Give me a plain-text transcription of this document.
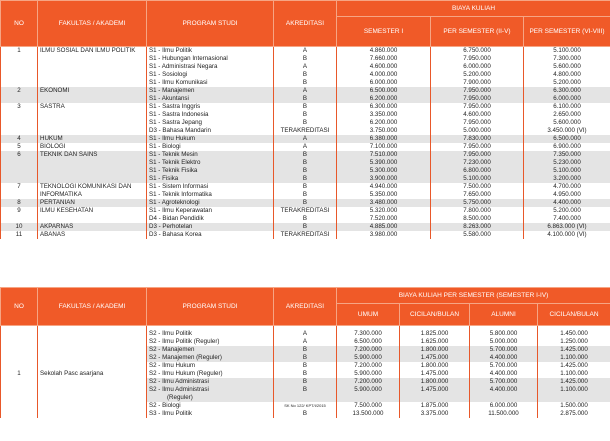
NO	FAKULTAS / AKADEMI	PROGRAM STUDI	AKREDITASI	BIAYA KULIAH		
				SEMESTER I	PER SEMESTER (II-V)	PER SEMESTER (VI-VIII)
1	ILMU SOSIAL DAN ILMU POLITIK	S1 - Ilmu Politik	A	4.860.000	6.750.000	5.100.000
		S1 - Hubungan Internasional	B	7.660.000	7.950.000	7.300.000
		S1 - Administrasi Negara	A	4.600.000	6.000.000	5.600.000
		S1 - Sosiologi	B	4.000.000	5.200.000	4.800.000
		S1 - Ilmu Komunikasi	B	6.000.000	7.900.000	5.200.000
2	EKONOMI	S1 - Manajemen	A	6.500.000	7.950.000	6.300.000
		S1 - Akuntansi	B	6.200.000	7.950.000	6.000.000
3	SASTRA	S1 - Sastra Inggris	B	6.300.000	7.950.000	6.100.000
		S1 - Sastra Indonesia	B	3.350.000	4.600.000	2.650.000
		S1 - Sastra Jepang	B	6.200.000	7.950.000	5.600.000
		D3 - Bahasa Mandarin	TERAKREDITASI	3.750.000	5.000.000	3.450.000 (VI)
4	HUKUM	S1 - Ilmu Hukum	A	6.380.000	7.830.000	6.500.000
5	BIOLOGI	S1 - Biologi	A	7.100.000	7.950.000	6.900.000
6	TEKNIK DAN SAINS	S1 - Teknik Mesin	B	7.510.000	7.950.000	7.350.000
		S1 - Teknik Elektro	B	5.390.000	7.230.000	5.230.000
		S1 - Teknik Fisika	B	5.300.000	6.800.000	5.100.000
		S1 - Fisika	B	3.900.000	5.100.000	3.200.000
7	TEKNOLOGI KOMUNIKASI DAN INFORMATIKA	S1 - Sistem Informasi	B	4.940.000	7.500.000	4.700.000
		S1 - Teknik Informatika	B	5.350.000	7.650.000	4.950.000
8	PERTANIAN	S1 - Agroteknologi	B	3.480.000	5.750.000	4.400.000
9	ILMU KESEHATAN	S1 - Ilmu Keperawatan	TERAKREDITASI	5.320.000	7.800.000	5.200.000
		D4 - Bidan Pendidik	B	7.520.000	8.500.000	7.400.000
10	AKPARNAS	D3 - Perhotelan	B	4.885.000	8.263.000	6.863.000 (VI)
11	ABANAS	D3 - Bahasa Korea	TERAKREDITASI	3.980.000	5.580.000	4.100.000 (VI)
NO	FAKULTAS / AKADEMI	PROGRAM STUDI	AKREDITASI	BIAYA KULIAH PER SEMESTER (SEMESTER I-IV)			
				UMUM	CICILAN/BULAN	ALUMNI	CICILAN/BULAN

1	Sekolah Pasc asarjana	S2 - Ilmu Politik	A	7.300.000	1.825.000	5.800.000	1.450.000
		S2 - Ilmu Politik (Reguler)	A	6.500.000	1.625.000	5.000.000	1.250.000
		S2 - Manajemen	B	7.200.000	1.800.000	5.700.000	1.425.000
		S2 - Manajemen (Reguler)	B	5.900.000	1.475.000	4.400.000	1.100.000
		S2 - Ilmu Hukum	B	7.200.000	1.800.000	5.700.000	1.425.000
		S2 - Ilmu Hukum (Reguler)	B	5.900.000	1.475.000	4.400.000	1.100.000
		S2 - Ilmu Administrasi	B	7.200.000	1.800.000	5.700.000	1.425.000
		S2 - Ilmu Administrasi	B	5.900.000	1.475.000	4.400.000	1.100.000
		(Reguler)					
		S2 - Biologi	SK No 122/ KPT/I/2015	7.500.000	1.875.000	6.000.000	1.500.000
		S3 - Ilmu Politik	B	13.500.000	3.375.000	11.500.000	2.875.000
